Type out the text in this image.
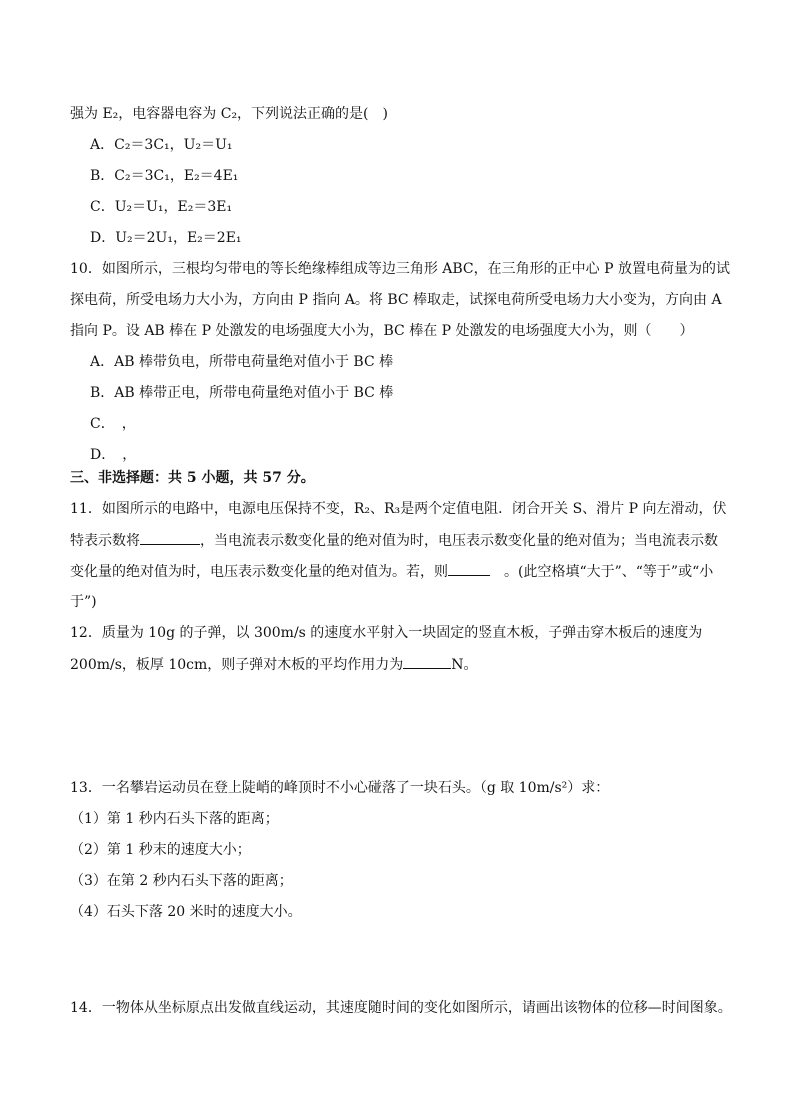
强为 E₂，电容器电容为 C₂，下列说法正确的是(　)
A．C₂＝3C₁，U₂＝U₁
B．C₂＝3C₁，E₂＝4E₁
C．U₂＝U₁，E₂＝3E₁
D．U₂＝2U₁，E₂＝2E₁
10．如图所示，三根均匀带电的等长绝缘棒组成等边三角形 ABC，在三角形的正中心 P 放置电荷量为的试
探电荷，所受电场力大小为，方向由 P 指向 A。将 BC 棒取走，试探电荷所受电场力大小变为，方向由 A
指向 P。设 AB 棒在 P 处激发的电场强度大小为，BC 棒在 P 处激发的电场强度大小为，则（　　）
A．AB 棒带负电，所带电荷量绝对值小于 BC 棒
B．AB 棒带正电，所带电荷量绝对值小于 BC 棒
C．　，
D．　，
三、非选择题：共 5 小题，共 57 分。
11．如图所示的电路中，电源电压保持不变，R₂、R₃是两个定值电阻．闭合开关 S、滑片 P 向左滑动，伏
特表示数将	，当电流表示数变化量的绝对值为时，电压表示数变化量的绝对值为；当电流表示数
变化量的绝对值为时，电压表示数变化量的绝对值为。若，则	　。(此空格填“大于”、“等于”或“小
于”)
12．质量为 10g 的子弹，以 300m/s 的速度水平射入一块固定的竖直木板，子弹击穿木板后的速度为
200m/s，板厚 10cm，则子弹对木板的平均作用力为	N。
13．一名攀岩运动员在登上陡峭的峰顶时不小心碰落了一块石头。（g 取 10m/s²）求：
（1）第 1 秒内石头下落的距离；
（2）第 1 秒末的速度大小；
（3）在第 2 秒内石头下落的距离；
（4）石头下落 20 米时的速度大小。
14．一物体从坐标原点出发做直线运动，其速度随时间的变化如图所示，请画出该物体的位移—时间图象。
